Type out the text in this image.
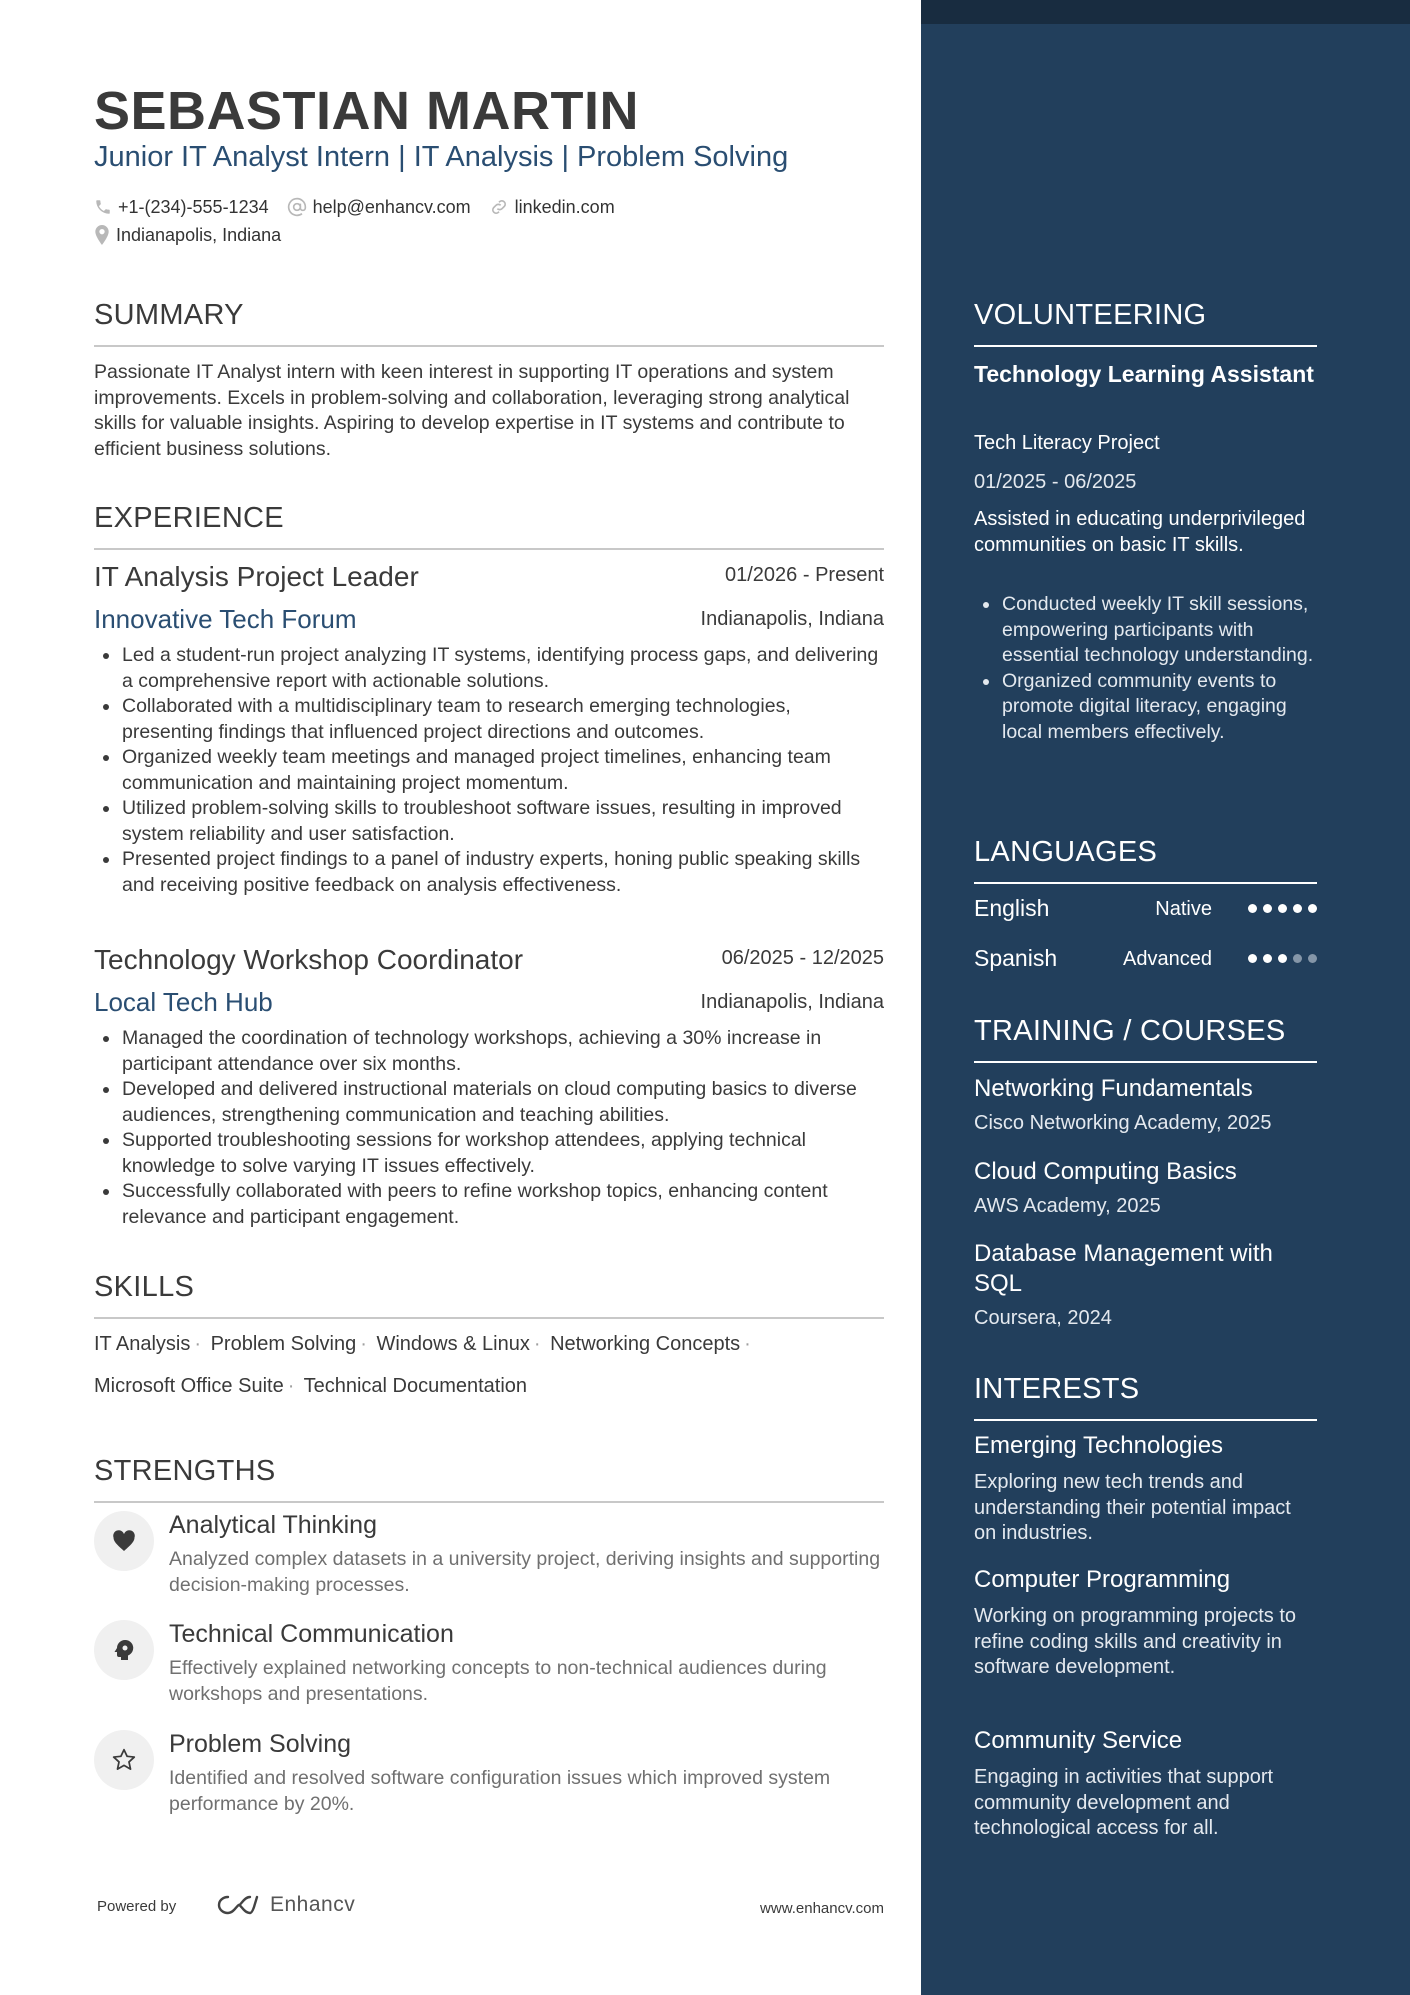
SEBASTIAN MARTIN
Junior IT Analyst Intern | IT Analysis | Problem Solving
+1-(234)-555-1234 help@enhancv.com linkedin.com
Indianapolis, Indiana
SUMMARY
Passionate IT Analyst intern with keen interest in supporting IT operations and system improvements. Excels in problem-solving and collaboration, leveraging strong analytical skills for valuable insights. Aspiring to develop expertise in IT systems and contribute to efficient business solutions.
EXPERIENCE
IT Analysis Project Leader	01/2026 - Present
Innovative Tech Forum	Indianapolis, Indiana
Led a student-run project analyzing IT systems, identifying process gaps, and delivering a comprehensive report with actionable solutions.
Collaborated with a multidisciplinary team to research emerging technologies, presenting findings that influenced project directions and outcomes.
Organized weekly team meetings and managed project timelines, enhancing team communication and maintaining project momentum.
Utilized problem-solving skills to troubleshoot software issues, resulting in improved system reliability and user satisfaction.
Presented project findings to a panel of industry experts, honing public speaking skills and receiving positive feedback on analysis effectiveness.
Technology Workshop Coordinator	06/2025 - 12/2025
Local Tech Hub	Indianapolis, Indiana
Managed the coordination of technology workshops, achieving a 30% increase in participant attendance over six months.
Developed and delivered instructional materials on cloud computing basics to diverse audiences, strengthening communication and teaching abilities.
Supported troubleshooting sessions for workshop attendees, applying technical knowledge to solve varying IT issues effectively.
Successfully collaborated with peers to refine workshop topics, enhancing content relevance and participant engagement.
SKILLS
IT Analysis · Problem Solving · Windows & Linux · Networking Concepts · Microsoft Office Suite · Technical Documentation
STRENGTHS
Analytical Thinking
Analyzed complex datasets in a university project, deriving insights and supporting decision-making processes.
Technical Communication
Effectively explained networking concepts to non-technical audiences during workshops and presentations.
Problem Solving
Identified and resolved software configuration issues which improved system performance by 20%.
Powered by	Enhancv	www.enhancv.com
VOLUNTEERING
Technology Learning Assistant
Tech Literacy Project
01/2025 - 06/2025
Assisted in educating underprivileged communities on basic IT skills.
Conducted weekly IT skill sessions, empowering participants with essential technology understanding.
Organized community events to promote digital literacy, engaging local members effectively.
LANGUAGES
English	Native
Spanish	Advanced
TRAINING / COURSES
Networking Fundamentals
Cisco Networking Academy, 2025
Cloud Computing Basics
AWS Academy, 2025
Database Management with SQL
Coursera, 2024
INTERESTS
Emerging Technologies
Exploring new tech trends and understanding their potential impact on industries.
Computer Programming
Working on programming projects to refine coding skills and creativity in software development.
Community Service
Engaging in activities that support community development and technological access for all.
